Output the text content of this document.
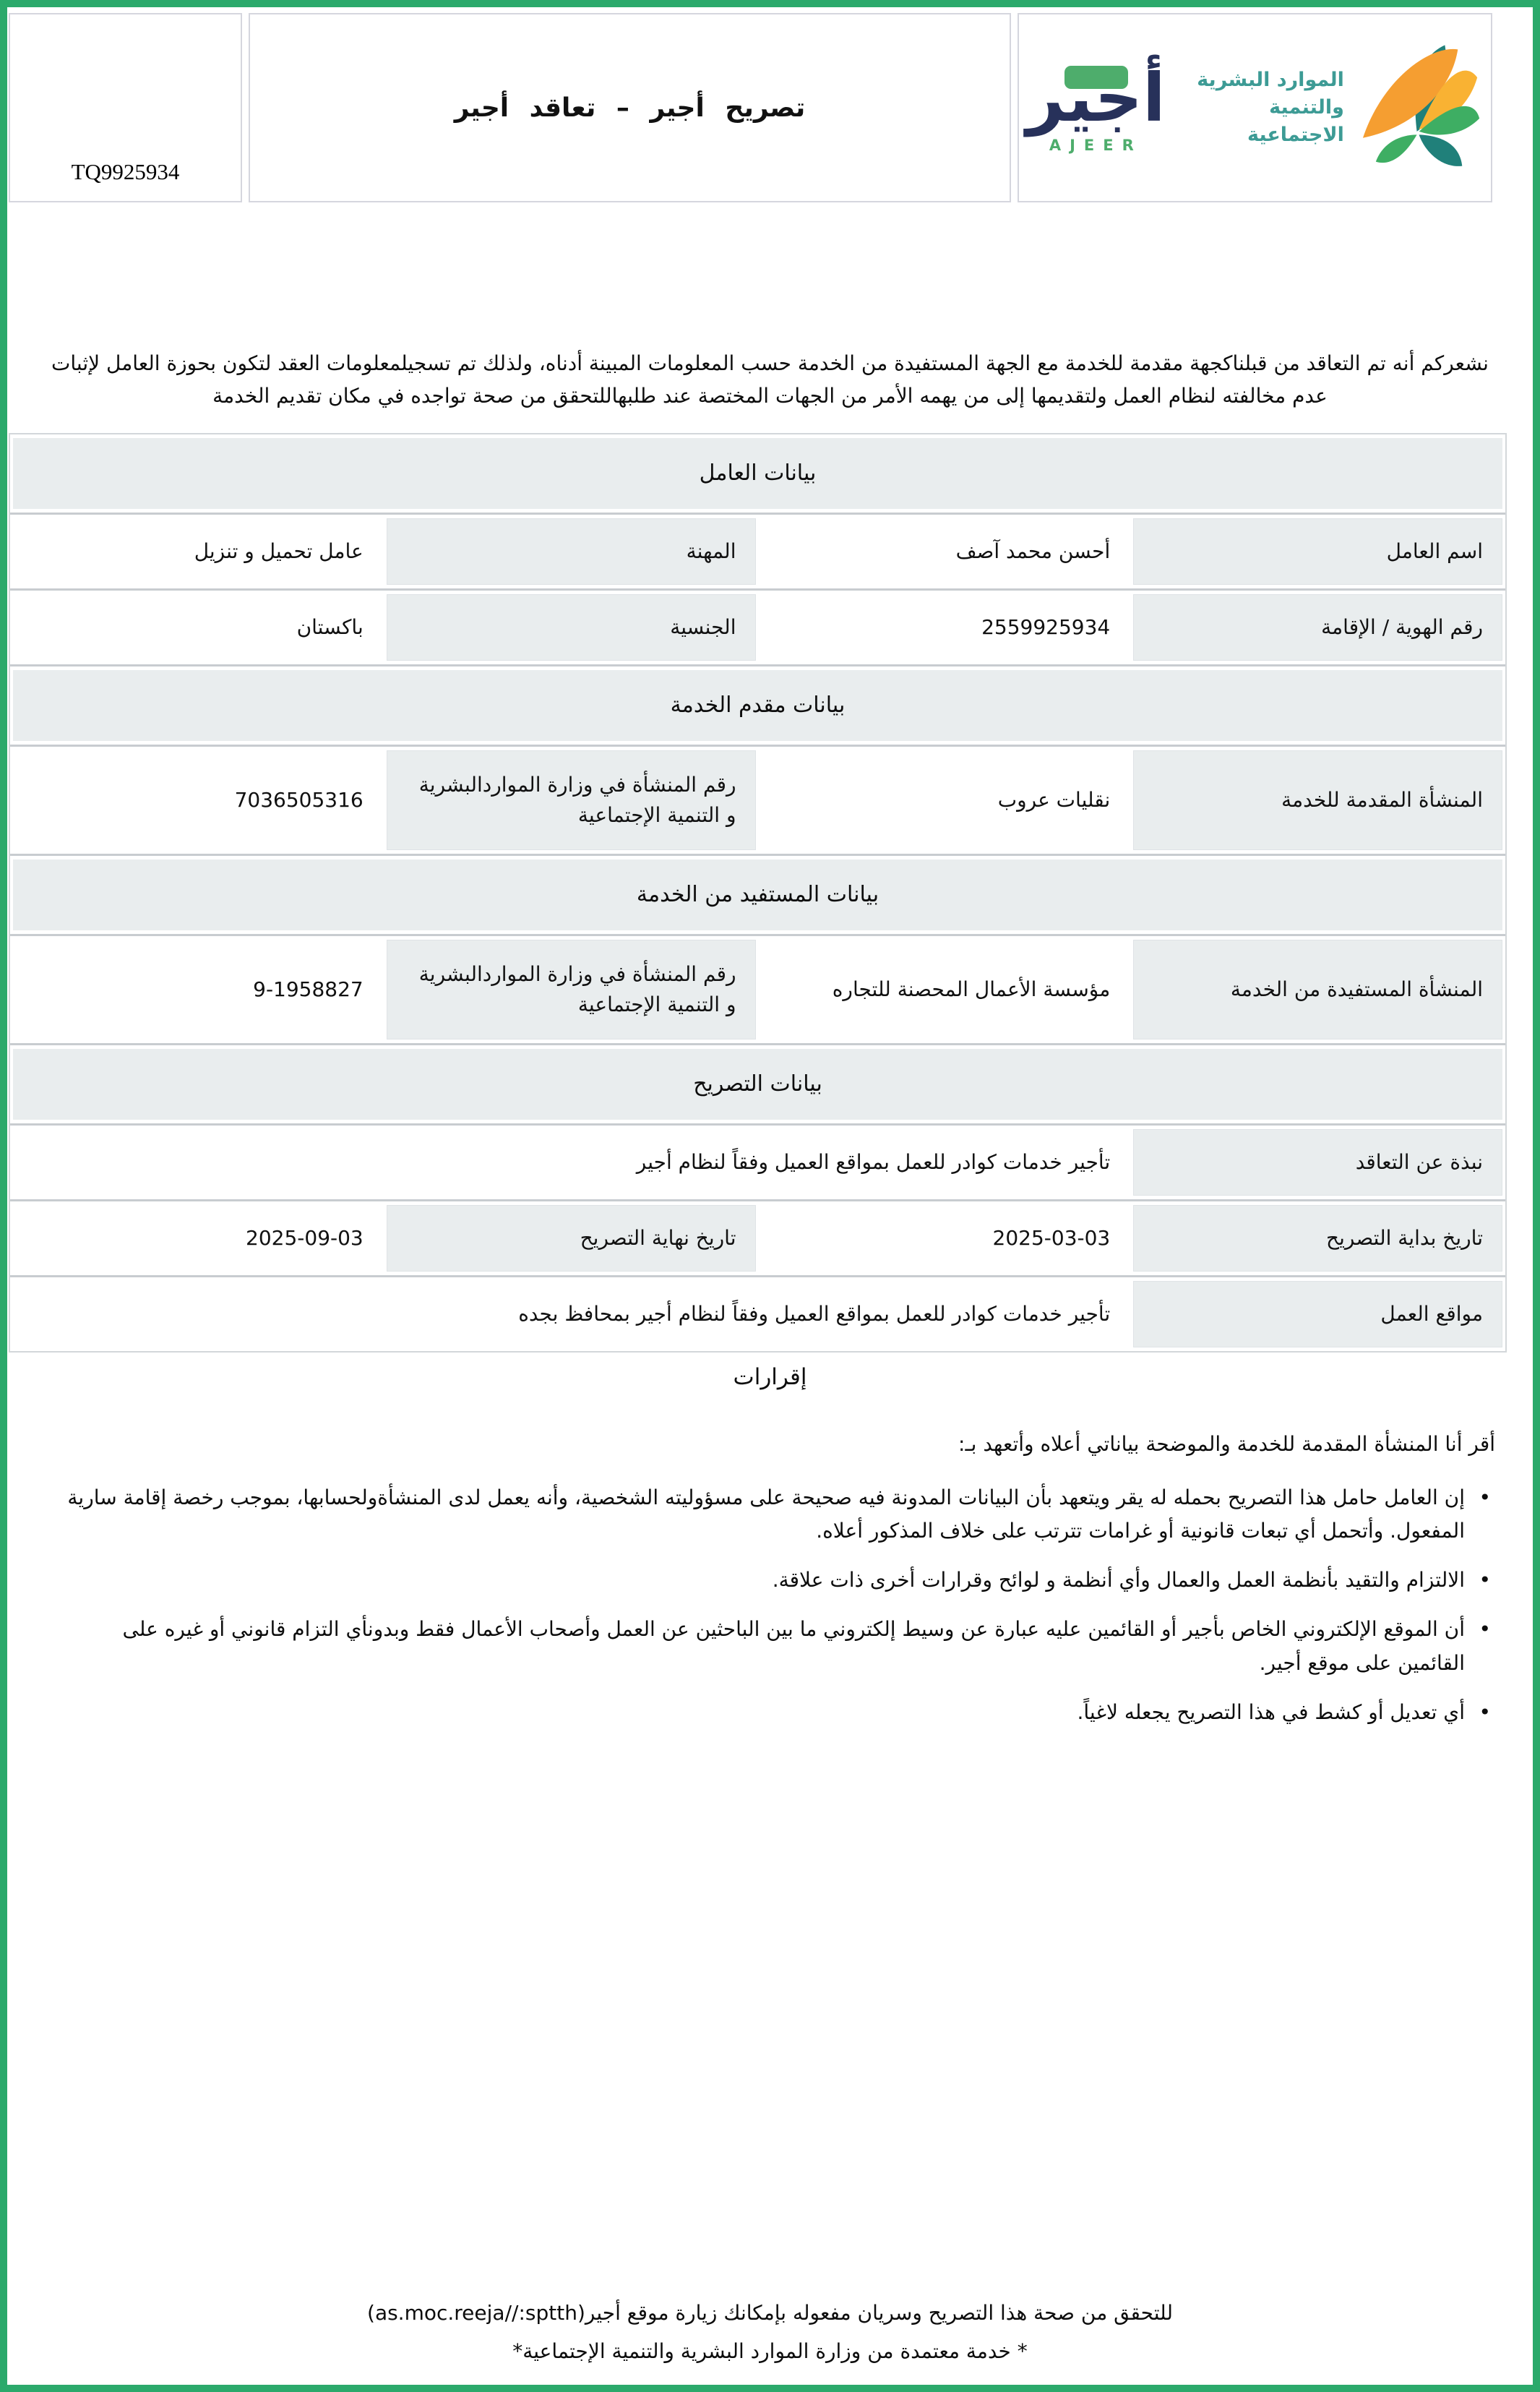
TQ9925934
تصريح أجير – تعاقد أجير	أجير
AJEER
الموارد البشرية
والتنمية الاجتماعية

نشعركم أنه تم التعاقد من قبلناكجهة مقدمة للخدمة مع الجهة المستفيدة من الخدمة حسب المعلومات المبينة أدناه، ولذلك تم تسجيلمعلومات العقد لتكون بحوزة العامل لإثبات عدم مخالفته لنظام العمل ولتقديمها إلى من يهمه الأمر من الجهات المختصة عند طلبهاللتحقق من صحة تواجده في مكان تقديم الخدمة

بيانات العامل
اسم العامل
أحسن محمد آصف
المهنة
عامل تحميل و تنزيل
رقم الهوية / الإقامة
2559925934
الجنسية
باكستان
بيانات مقدم الخدمة
المنشأة المقدمة للخدمة
نقليات عروب
رقم المنشأة في وزارة المواردالبشرية و التنمية الإجتماعية
7036505316
بيانات المستفيد من الخدمة
المنشأة المستفيدة من الخدمة
مؤسسة الأعمال المحصنة للتجاره
رقم المنشأة في وزارة المواردالبشرية و التنمية الإجتماعية
9-1958827
بيانات التصريح
نبذة عن التعاقد
تأجير خدمات كوادر للعمل بمواقع العميل وفقاً لنظام أجير
تاريخ بداية التصريح
2025-03-03
تاريخ نهاية التصريح
2025-09-03
مواقع العمل
تأجير خدمات كوادر للعمل بمواقع العميل وفقاً لنظام أجير بمحافظ بجده
إقرارات
أقر أنا المنشأة المقدمة للخدمة والموضحة بياناتي أعلاه وأتعهد بـ:
•
إن العامل حامل هذا التصريح بحمله له يقر ويتعهد بأن البيانات المدونة فيه صحيحة على مسؤوليته الشخصية، وأنه يعمل لدى المنشأةولحسابها، بموجب رخصة إقامة سارية المفعول. وأتحمل أي تبعات قانونية أو غرامات تترتب على خلاف المذكور أعلاه.
•
الالتزام والتقيد بأنظمة العمل والعمال وأي أنظمة و لوائح وقرارات أخرى ذات علاقة.
•
أن الموقع الإلكتروني الخاص بأجير أو القائمين عليه عبارة عن وسيط إلكتروني ما بين الباحثين عن العمل وأصحاب الأعمال فقط وبدونأي التزام قانوني أو غيره على القائمين على موقع أجير.
•
أي تعديل أو كشط في هذا التصريح يجعله لاغياً.
للتحقق من صحة هذا التصريح وسريان مفعوله بإمكانك زيارة موقع أجير(as.moc.reeja//:sptth)
* خدمة معتمدة من وزارة الموارد البشرية والتنمية الإجتماعية*
